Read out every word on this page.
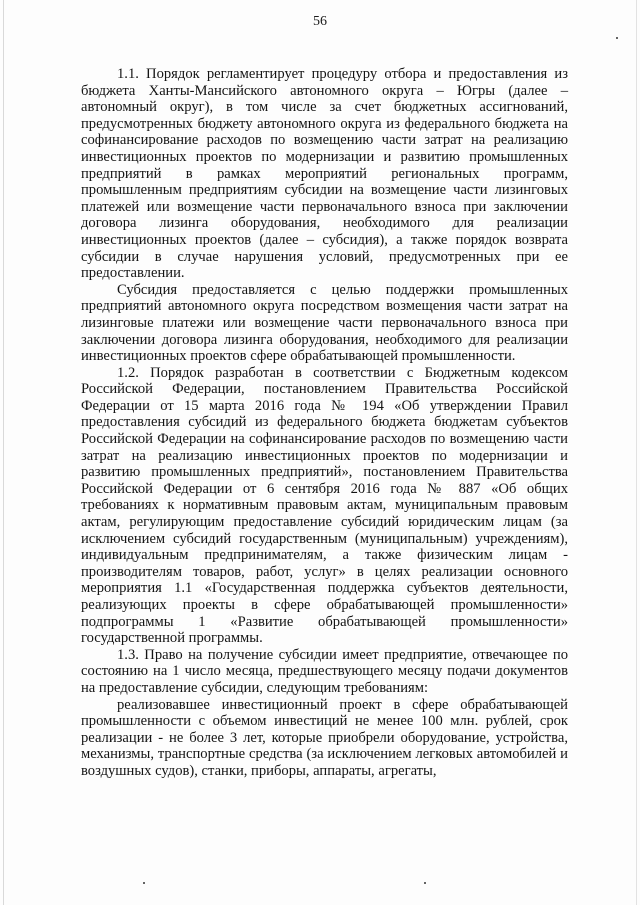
56

1.1. Порядок регламентирует процедуру отбора и предоставления из бюджета Ханты-Мансийского автономного округа – Югры (далее – автономный округ), в том числе за счет бюджетных ассигнований, предусмотренных бюджету автономного округа из федерального бюджета на софинансирование расходов по возмещению части затрат на реализацию инвестиционных проектов по модернизации и развитию промышленных предприятий в рамках мероприятий региональных программ, промышленным предприятиям субсидии на возмещение части лизинговых платежей или возмещение части первоначального взноса при заключении договора лизинга оборудования, необходимого для реализации инвестиционных проектов (далее – субсидия), а также порядок возврата субсидии в случае нарушения условий, предусмотренных при ее предоставлении.

Субсидия предоставляется с целью поддержки промышленных предприятий автономного округа посредством возмещения части затрат на лизинговые платежи или возмещение части первоначального взноса при заключении договора лизинга оборудования, необходимого для реализации инвестиционных проектов сфере обрабатывающей промышленности.

1.2. Порядок разработан в соответствии с Бюджетным кодексом Российской Федерации, постановлением Правительства Российской Федерации от 15 марта 2016 года № 194 «Об утверждении Правил предоставления субсидий из федерального бюджета бюджетам субъектов Российской Федерации на софинансирование расходов по возмещению части затрат на реализацию инвестиционных проектов по модернизации и развитию промышленных предприятий», постановлением Правительства Российской Федерации от 6 сентября 2016 года № 887 «Об общих требованиях к нормативным правовым актам, муниципальным правовым актам, регулирующим предоставление субсидий юридическим лицам (за исключением субсидий государственным (муниципальным) учреждениям), индивидуальным предпринимателям, а также физическим лицам - производителям товаров, работ, услуг» в целях реализации основного мероприятия 1.1 «Государственная поддержка субъектов деятельности, реализующих проекты в сфере обрабатывающей промышленности» подпрограммы 1 «Развитие обрабатывающей промышленности» государственной программы.

1.3. Право на получение субсидии имеет предприятие, отвечающее по состоянию на 1 число месяца, предшествующего месяцу подачи документов на предоставление субсидии, следующим требованиям:

реализовавшее инвестиционный проект в сфере обрабатывающей промышленности с объемом инвестиций не менее 100 млн. рублей, срок реализации - не более 3 лет, которые приобрели оборудование, устройства, механизмы, транспортные средства (за исключением легковых автомобилей и воздушных судов), станки, приборы, аппараты, агрегаты,
